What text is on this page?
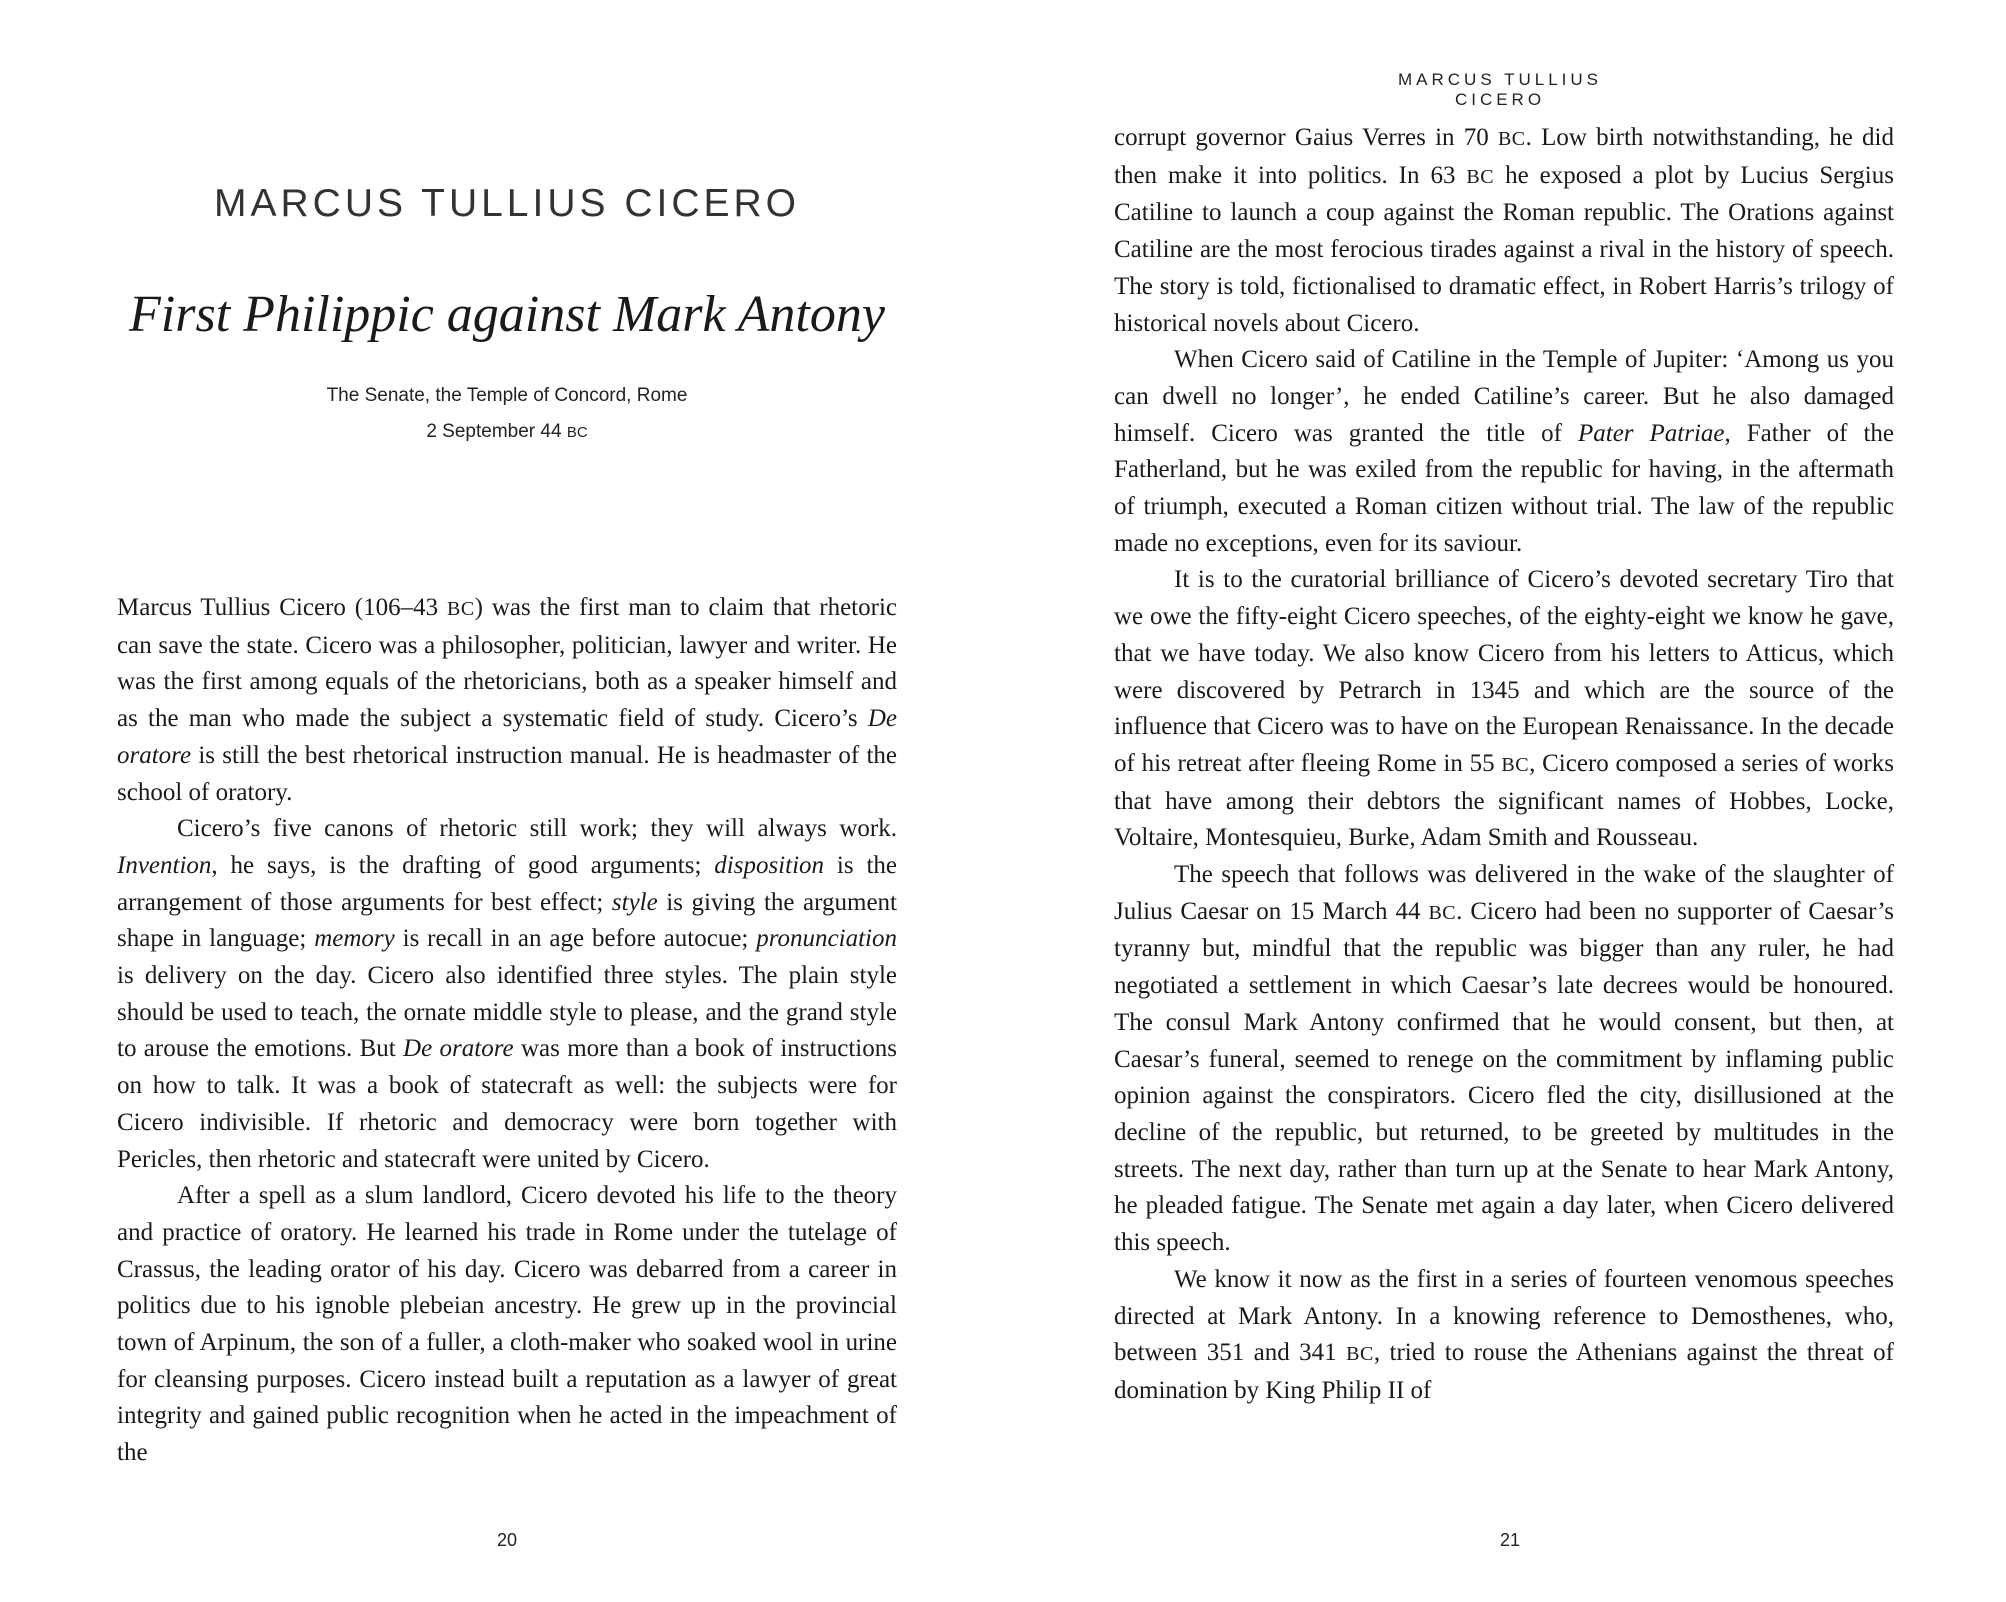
MARCUS TULLIUS CICERO
First Philippic against Mark Antony
The Senate, the Temple of Concord, Rome
2 September 44 BC

Marcus Tullius Cicero (106–43 BC) was the first man to claim that rhetoric can save the state. Cicero was a philosopher, politician, lawyer and writer. He was the first among equals of the rhetoricians, both as a speaker himself and as the man who made the subject a systematic field of study. Cicero’s De oratore is still the best rhetorical instruction manual. He is headmaster of the school of oratory.

Cicero’s five canons of rhetoric still work; they will always work. Invention, he says, is the drafting of good arguments; disposition is the arrangement of those arguments for best effect; style is giving the argument shape in language; memory is recall in an age before autocue; pronunciation is delivery on the day. Cicero also identified three styles. The plain style should be used to teach, the ornate middle style to please, and the grand style to arouse the emotions. But De oratore was more than a book of instructions on how to talk. It was a book of statecraft as well: the subjects were for Cicero indivisible. If rhetoric and democracy were born together with Pericles, then rhetoric and statecraft were united by Cicero.

After a spell as a slum landlord, Cicero devoted his life to the theory and practice of oratory. He learned his trade in Rome under the tutelage of Crassus, the leading orator of his day. Cicero was debarred from a career in politics due to his ignoble plebeian ancestry. He grew up in the provincial town of Arpinum, the son of a fuller, a cloth-maker who soaked wool in urine for cleansing purposes. Cicero instead built a reputation as a lawyer of great integrity and gained public recognition when he acted in the impeachment of the

20
MARCUS TULLIUS CICERO

corrupt governor Gaius Verres in 70 BC. Low birth notwithstanding, he did then make it into politics. In 63 BC he exposed a plot by Lucius Sergius Catiline to launch a coup against the Roman republic. The Orations against Catiline are the most ferocious tirades against a rival in the history of speech. The story is told, fictionalised to dramatic effect, in Robert Harris’s trilogy of historical novels about Cicero.

When Cicero said of Catiline in the Temple of Jupiter: ‘Among us you can dwell no longer’, he ended Catiline’s career. But he also damaged himself. Cicero was granted the title of Pater Patriae, Father of the Fatherland, but he was exiled from the republic for having, in the aftermath of triumph, executed a Roman citizen without trial. The law of the republic made no exceptions, even for its saviour.

It is to the curatorial brilliance of Cicero’s devoted secretary Tiro that we owe the fifty-eight Cicero speeches, of the eighty-eight we know he gave, that we have today. We also know Cicero from his letters to Atticus, which were discovered by Petrarch in 1345 and which are the source of the influence that Cicero was to have on the European Renaissance. In the decade of his retreat after fleeing Rome in 55 BC, Cicero composed a series of works that have among their debtors the significant names of Hobbes, Locke, Voltaire, Montesquieu, Burke, Adam Smith and Rousseau.

The speech that follows was delivered in the wake of the slaughter of Julius Caesar on 15 March 44 BC. Cicero had been no supporter of Caesar’s tyranny but, mindful that the republic was bigger than any ruler, he had negotiated a settlement in which Caesar’s late decrees would be honoured. The consul Mark Antony confirmed that he would consent, but then, at Caesar’s funeral, seemed to renege on the commitment by inflaming public opinion against the conspirators. Cicero fled the city, disillusioned at the decline of the republic, but returned, to be greeted by multitudes in the streets. The next day, rather than turn up at the Senate to hear Mark Antony, he pleaded fatigue. The Senate met again a day later, when Cicero delivered this speech.

We know it now as the first in a series of fourteen venomous speeches directed at Mark Antony. In a knowing reference to Demosthenes, who, between 351 and 341 BC, tried to rouse the Athenians against the threat of domination by King Philip II of

21
